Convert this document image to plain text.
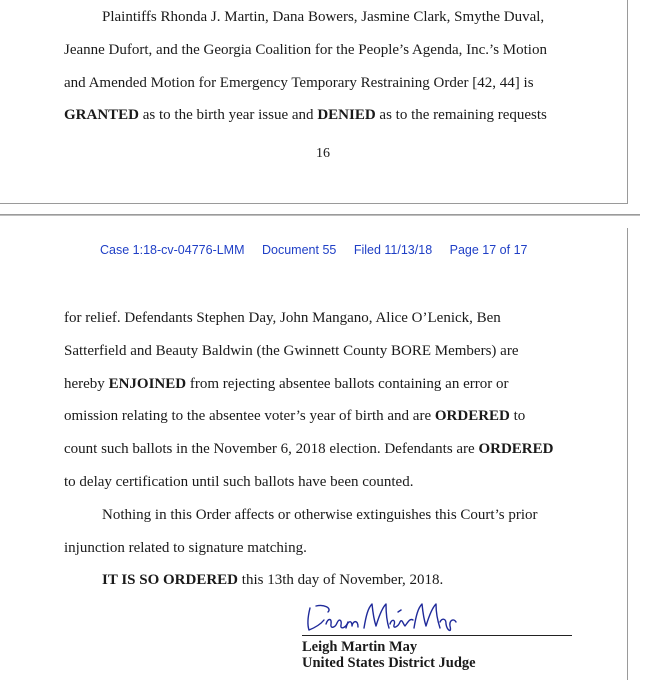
Plaintiffs Rhonda J. Martin, Dana Bowers, Jasmine Clark, Smythe Duval,
Jeanne Dufort, and the Georgia Coalition for the People’s Agenda, Inc.’s Motion
and Amended Motion for Emergency Temporary Restraining Order [42, 44] is
GRANTED as to the birth year issue and DENIED as to the remaining requests

16
Case 1:18-cv-04776-LMM Document 55 Filed 11/13/18 Page 17 of 17

for relief. Defendants Stephen Day, John Mangano, Alice O’Lenick, Ben
Satterfield and Beauty Baldwin (the Gwinnett County BORE Members) are
hereby ENJOINED from rejecting absentee ballots containing an error or
omission relating to the absentee voter’s year of birth and are ORDERED to
count such ballots in the November 6, 2018 election. Defendants are ORDERED
to delay certification until such ballots have been counted.

Nothing in this Order affects or otherwise extinguishes this Court’s prior
injunction related to signature matching.

IT IS SO ORDERED this 13th day of November, 2018.

Leigh Martin May
United States District Judge
